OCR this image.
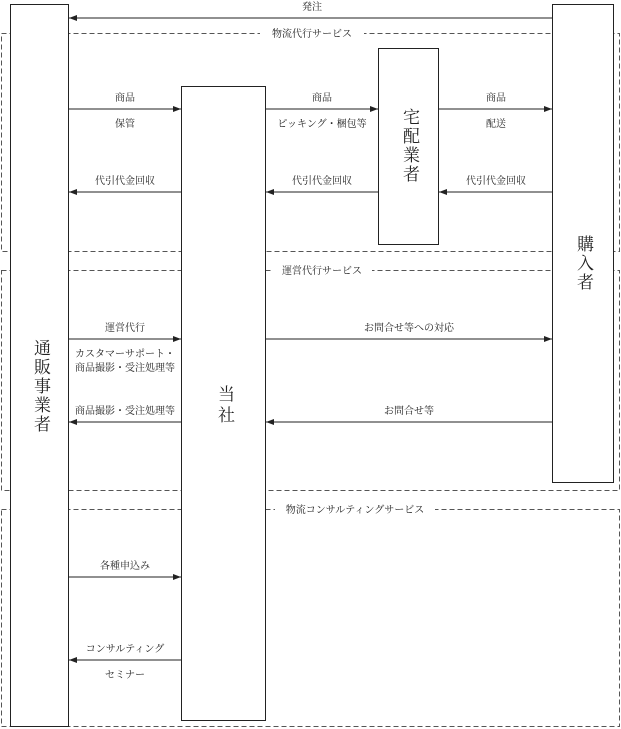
物流代行サービス
運営代行サービス
物流コンサルティングサービス
通販事業者	当社
宅配業者
購入者
発注
商品
保管
商品
ピッキング・梱包等
商品
配送
代引代金回収	代引代金回収	代引代金回収
運営代行
カスタマーサポート・
商品撮影・受注処理等
お問合せ等への対応
商品撮影・受注処理等	お問合せ等
各種申込み
コンサルティング
セミナー
